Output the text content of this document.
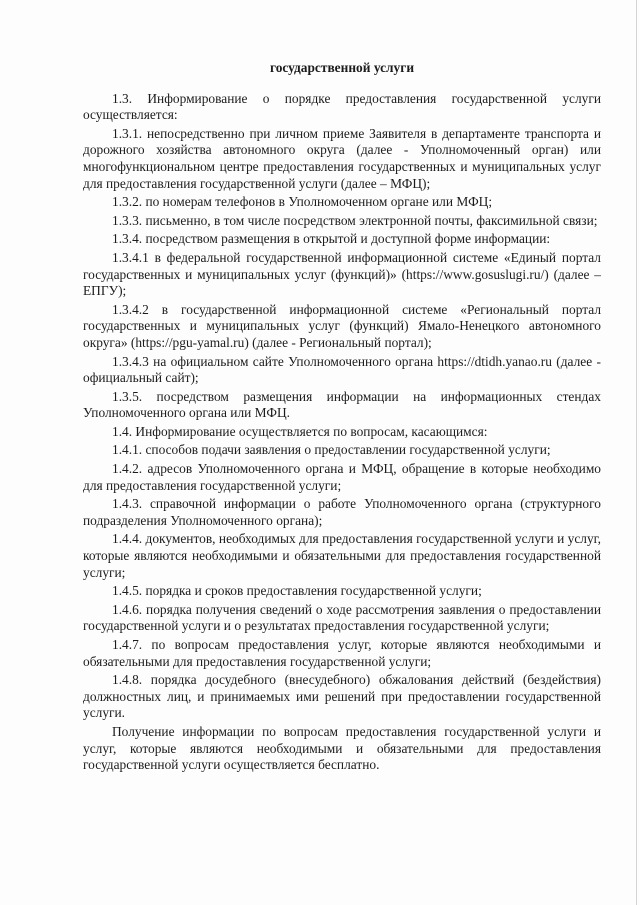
государственной услуги

1.3. Информирование о порядке предоставления государственной услуги осуществляется:

1.3.1. непосредственно при личном приеме Заявителя в департаменте транспорта и дорожного хозяйства автономного округа (далее - Уполномоченный орган) или многофункциональном центре предоставления государственных и муниципальных услуг для предоставления государственной услуги (далее – МФЦ);

1.3.2. по номерам телефонов в Уполномоченном органе или МФЦ;

1.3.3. письменно, в том числе посредством электронной почты, факсимильной связи;

1.3.4. посредством размещения в открытой и доступной форме информации:

1.3.4.1 в федеральной государственной информационной системе «Единый портал государственных и муниципальных услуг (функций)» (https://www.gosuslugi.ru/) (далее – ЕПГУ);

1.3.4.2 в государственной информационной системе «Региональный портал государственных и муниципальных услуг (функций) Ямало-Ненецкого автономного округа» (https://pgu-yamal.ru) (далее - Региональный портал);

1.3.4.3 на официальном сайте Уполномоченного органа https://dtidh.yanao.ru (далее - официальный сайт);

1.3.5. посредством размещения информации на информационных стендах Уполномоченного органа или МФЦ.

1.4. Информирование осуществляется по вопросам, касающимся:

1.4.1. способов подачи заявления о предоставлении государственной услуги;

1.4.2. адресов Уполномоченного органа и МФЦ, обращение в которые необходимо для предоставления государственной услуги;

1.4.3. справочной информации о работе Уполномоченного органа (структурного подразделения Уполномоченного органа);

1.4.4. документов, необходимых для предоставления государственной услуги и услуг, которые являются необходимыми и обязательными для предоставления государственной услуги;

1.4.5. порядка и сроков предоставления государственной услуги;

1.4.6. порядка получения сведений о ходе рассмотрения заявления о предоставлении государственной услуги и о результатах предоставления государственной услуги;

1.4.7. по вопросам предоставления услуг, которые являются необходимыми и обязательными для предоставления государственной услуги;

1.4.8. порядка досудебного (внесудебного) обжалования действий (бездействия) должностных лиц, и принимаемых ими решений при предоставлении государственной услуги.

Получение информации по вопросам предоставления государственной услуги и услуг, которые являются необходимыми и обязательными для предоставления государственной услуги осуществляется бесплатно.
